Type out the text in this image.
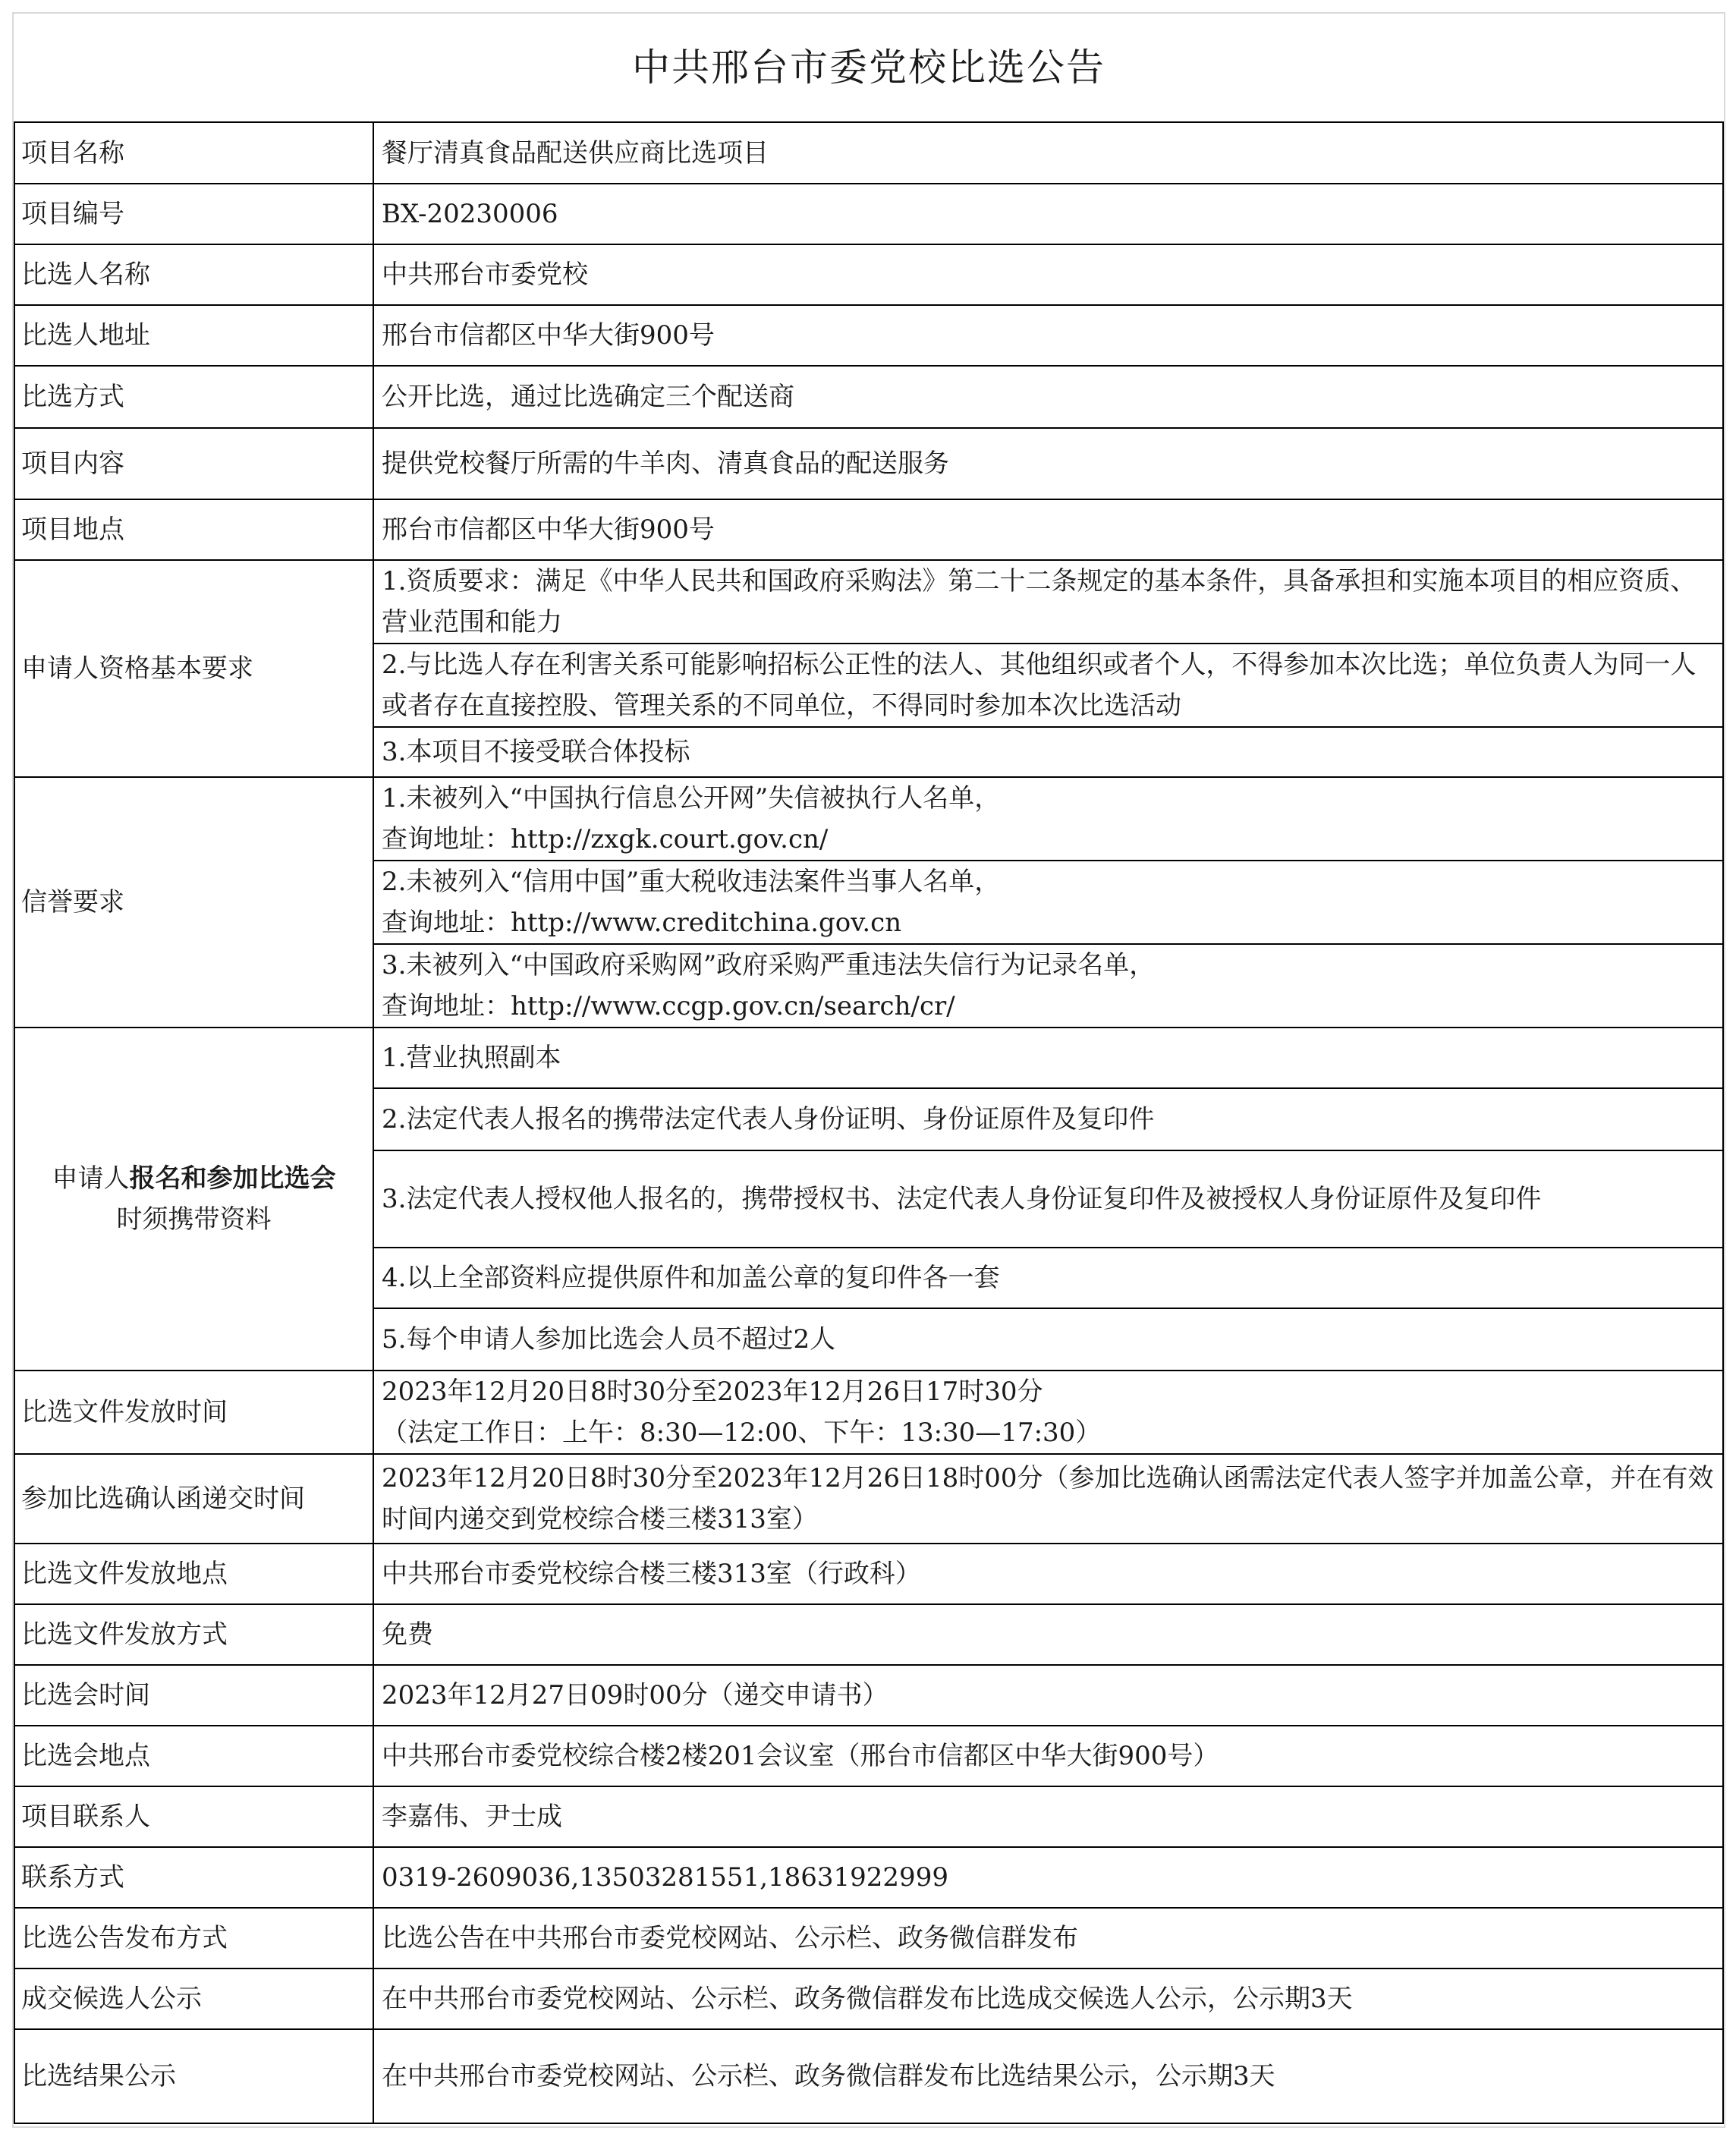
中共邢台市委党校比选公告
项目名称	餐厅清真食品配送供应商比选项目
项目编号	BX-20230006
比选人名称	中共邢台市委党校
比选人地址	邢台市信都区中华大街900号
比选方式	公开比选，通过比选确定三个配送商
项目内容	提供党校餐厅所需的牛羊肉、清真食品的配送服务
项目地点	邢台市信都区中华大街900号
申请人资格基本要求	1.资质要求：满足《中华人民共和国政府采购法》第二十二条规定的基本条件，具备承担和实施本项目的相应资质、营业范围和能力
	2.与比选人存在利害关系可能影响招标公正性的法人、其他组织或者个人，不得参加本次比选；单位负责人为同一人或者存在直接控股、管理关系的不同单位，不得同时参加本次比选活动
	3.本项目不接受联合体投标
信誉要求	1.未被列入“中国执行信息公开网”失信被执行人名单，
查询地址：http://zxgk.court.gov.cn/

	2.未被列入“信用中国”重大税收违法案件当事人名单，
查询地址：http://www.creditchina.gov.cn

	3.未被列入“中国政府采购网”政府采购严重违法失信行为记录名单，
查询地址：http://www.ccgp.gov.cn/search/cr/

申请人报名和参加比选会
时须携带资料	1.营业执照副本
	2.法定代表人报名的携带法定代表人身份证明、身份证原件及复印件
	3.法定代表人授权他人报名的，携带授权书、法定代表人身份证复印件及被授权人身份证原件及复印件
	4.以上全部资料应提供原件和加盖公章的复印件各一套
	5.每个申请人参加比选会人员不超过2人
比选文件发放时间	2023年12月20日8时30分至2023年12月26日17时30分
（法定工作日：上午：8:30—12:00、下午：13:30—17:30）

参加比选确认函递交时间	2023年12月20日8时30分至2023年12月26日18时00分（参加比选确认函需法定代表人签字并加盖公章，并在有效时间内递交到党校综合楼三楼313室）
比选文件发放地点	中共邢台市委党校综合楼三楼313室（行政科）
比选文件发放方式	免费
比选会时间	2023年12月27日09时00分（递交申请书）
比选会地点	中共邢台市委党校综合楼2楼201会议室（邢台市信都区中华大街900号）
项目联系人	李嘉伟、尹士成
联系方式	0319-2609036,13503281551,18631922999
比选公告发布方式	比选公告在中共邢台市委党校网站、公示栏、政务微信群发布
成交候选人公示	在中共邢台市委党校网站、公示栏、政务微信群发布比选成交候选人公示，公示期3天
比选结果公示	在中共邢台市委党校网站、公示栏、政务微信群发布比选结果公示，公示期3天
